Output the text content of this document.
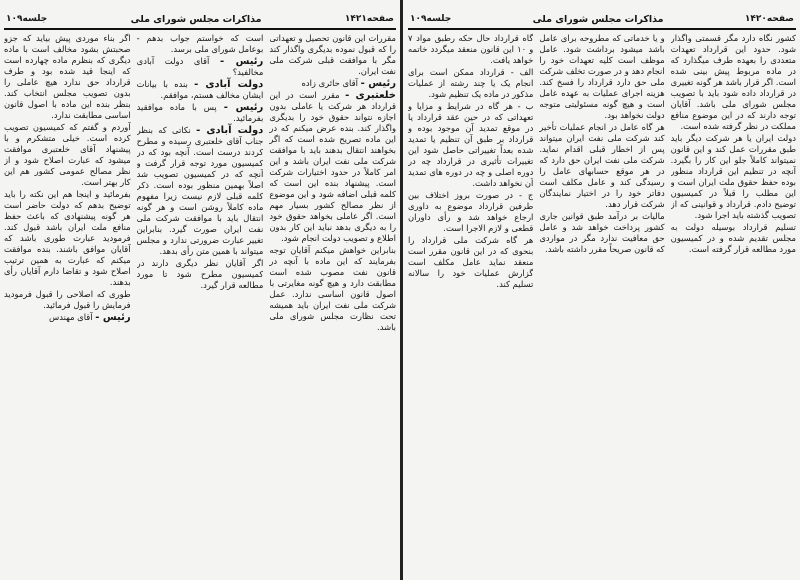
صفحه۱۴۲۱
مذاکرات مجلس شورای ملی
جلسه۱۰۹

مقررات این قانون تحصیل و تعهداتی را که قبول نموده بدیگری واگذار کند مگر با موافقت قبلی شرکت ملی نفت ایران.

رئیس - آقای حائری زاده

خلعتبری - مقرر است در این قرارداد هر شرکت یا عاملی بدون اجازه نتواند حقوق خود را بدیگری واگذار کند. بنده عرض میکنم که در این ماده تصریح شده است که اگر بخواهند انتقال بدهند باید با موافقت شرکت ملی نفت ایران باشد و این امر کاملاً در حدود اختیارات شرکت است. پیشنهاد بنده این است که کلمه قبلی اضافه شود و این موضوع از نظر مصالح کشور بسیار مهم است. اگر عاملی بخواهد حقوق خود را به دیگری بدهد نباید این کار بدون اطلاع و تصویب دولت انجام شود.

بنابراین خواهش میکنم آقایان توجه بفرمایند که این ماده با آنچه در قانون نفت مصوب شده است مطابقت دارد و هیچ گونه مغایرتی با اصول قانون اساسی ندارد. عمل شرکت ملی نفت ایران باید همیشه تحت نظارت مجلس شورای ملی باشد.

است که خواستم جواب بدهم - بوعامل شورای ملی برسد.

رئیس - آقای دولت آبادی مخالفید؟

دولت آبادی - بنده با بیانات ایشان مخالف هستم، موافقم.

رئیس - پس با ماده موافقید بفرمائید.

دولت آبادی - نکاتی که بنظر جناب آقای خلعتبری رسیده و مطرح کردند درست است. آنچه بود که در کمیسیون مورد توجه قرار گرفت و آنچه که در کمیسیون تصویب شد اصلاً بهمین منظور بوده است. ذکر کلمه قبلی لازم نیست زیرا مفهوم ماده کاملاً روشن است و هر گونه انتقال باید با موافقت شرکت ملی نفت ایران صورت گیرد. بنابراین تغییر عبارت ضرورتی ندارد و مجلس میتواند با همین متن رأی بدهد.

اگر آقایان نظر دیگری دارند در کمیسیون مطرح شود تا مورد مطالعه قرار گیرد.

اگر بناء موردی پیش بیاید که جزو صحبتش بشود مخالف است با ماده دیگری که بنظرم ماده چهارده است که اینجا قید شده بود و طرف قرارداد حق ندارد هیچ عاملی را بدون تصویب مجلس انتخاب کند. بنظر بنده این ماده با اصول قانون اساسی مطابقت ندارد.

آوردم و گفتم که کمیسیون تصویب کرده است. خیلی متشکرم و با پیشنهاد آقای خلعتبری موافقت میشود که عبارت اصلاح شود و از نظر مصالح عمومی کشور هم این کار بهتر است.

بفرمائید و اینجا هم این نکته را باید توضیح بدهم که دولت حاضر است هر گونه پیشنهادی که باعث حفظ منافع ملت ایران باشد قبول کند. فرمودید عبارت طوری باشد که آقایان موافق باشند. بنده موافقت میکنم که عبارت به همین ترتیب اصلاح شود و تقاضا دارم آقایان رأی بدهند.

طوری که اصلاحی را قبول فرمودید فرمایش را قبول فرمائید.

رئیس - آقای مهندس

صفحه۱۴۲۰
مذاکرات مجلس شورای ملی
جلسه۱۰۹

کشور نگاه دارد مگر قسمتی واگذار شود. حدود این قرارداد تعهدات متعددی را بعهده طرف میگذارد که در ماده مربوط پیش بینی شده است. اگر قرار باشد هر گونه تغییری در قرارداد داده شود باید با تصویب مجلس شورای ملی باشد. آقایان توجه دارند که در این موضوع منافع مملکت در نظر گرفته شده است.

دولت ایران یا هر شرکت دیگر باید طبق مقررات عمل کند و این قانون نمیتواند کاملاً جلو این کار را بگیرد. آنچه در تنظیم این قرارداد منظور بوده حفظ حقوق ملت ایران است و این مطلب را قبلاً در کمیسیون توضیح دادم. قرارداد و قوانینی که از تصویب گذشته باید اجرا شود.

تسلیم قرارداد بوسیله دولت به مجلس تقدیم شده و در کمیسیون مورد مطالعه قرار گرفته است.

و یا خدماتی که مطروحه برای عامل باشد میشود برداشت شود. عامل موظف است کلیه تعهدات خود را انجام دهد و در صورت تخلف شرکت ملی حق دارد قرارداد را فسخ کند. هزینه اجرای عملیات به عهده عامل است و هیچ گونه مسئولیتی متوجه دولت نخواهد بود.

هر گاه عامل در انجام عملیات تأخیر کند شرکت ملی نفت ایران میتواند پس از اخطار قبلی اقدام نماید. شرکت ملی نفت ایران حق دارد که در هر موقع حسابهای عامل را رسیدگی کند و عامل مکلف است دفاتر خود را در اختیار نمایندگان شرکت قرار دهد.

مالیات بر درآمد طبق قوانین جاری کشور پرداخت خواهد شد و عامل حق معافیت ندارد مگر در مواردی که قانون صریحاً مقرر داشته باشد.

گاه قرارداد حال حکه رطبق مواد ۷ و ۱۰ این قانون منعقد میگردد خاتمه خواهد یافت.

الف - قرارداد ممکن است برای انجام یک یا چند رشته از عملیات مذکور در ماده یک تنظیم شود.

ب - هر گاه در شرایط و مزایا و تعهداتی که در حین عقد قرارداد یا در موقع تمدید آن موجود بوده و قرارداد بر طبق آن تنظیم یا تمدید شده بعداً تغییراتی حاصل شود این تغییرات تأثیری در قرارداد چه در دوره اصلی و چه در دوره های تمدید آن نخواهد داشت.

ج - در صورت بروز اختلاف بین طرفین قرارداد موضوع به داوری ارجاع خواهد شد و رأی داوران قطعی و لازم الاجرا است.

هر گاه شرکت ملی قرارداد را بنحوی که در این قانون مقرر است منعقد نماید عامل مکلف است گزارش عملیات خود را سالانه تسلیم کند.
